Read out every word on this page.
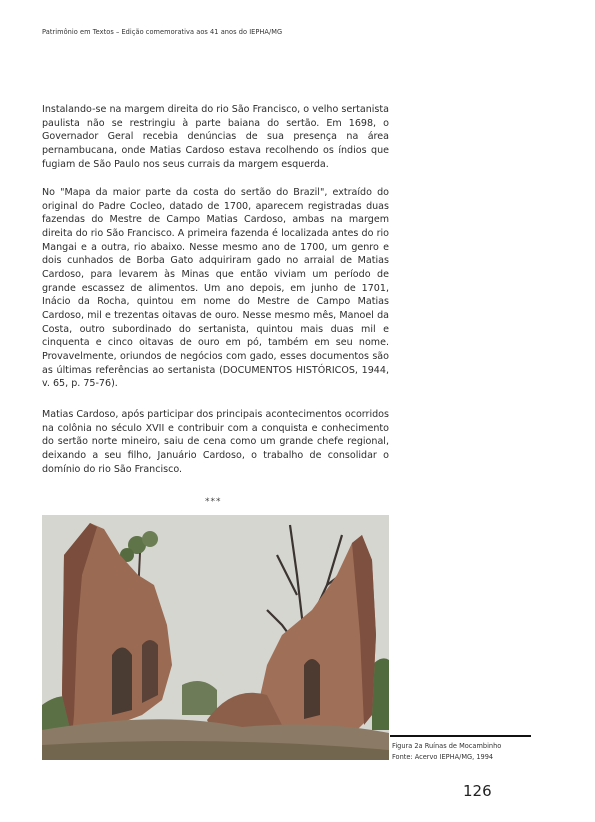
Patrimônio em Textos – Edição comemorativa aos 41 anos do IEPHA/MG

Instalando-se na margem direita do rio São Francisco, o velho sertanista paulista não se restringiu à parte baiana do sertão. Em 1698, o Governador Geral recebia denúncias de sua presença na área pernambucana, onde Matias Cardoso estava recolhendo os índios que fugiam de São Paulo nos seus currais da margem esquerda.

No "Mapa da maior parte da costa do sertão do Brazil", extraído do original do Padre Cocleo, datado de 1700, aparecem registradas duas fazendas do Mestre de Campo Matias Cardoso, ambas na margem direita do rio São Francisco. A primeira fazenda é localizada antes do rio Mangai e a outra, rio abaixo. Nesse mesmo ano de 1700, um genro e dois cunhados de Borba Gato adquiriram gado no arraial de Matias Cardoso, para levarem às Minas que então viviam um período de grande escassez de alimentos. Um ano depois, em junho de 1701, Inácio da Rocha, quintou em nome do Mestre de Campo Matias Cardoso, mil e trezentas oitavas de ouro. Nesse mesmo mês, Manoel da Costa, outro subordinado do sertanista, quintou mais duas mil e cinquenta e cinco oitavas de ouro em pó, também em seu nome. Provavelmente, oriundos de negócios com gado, esses documentos são as últimas referências ao sertanista (DOCUMENTOS HISTÓRICOS, 1944, v. 65, p. 75-76).

Matias Cardoso, após participar dos principais acontecimentos ocorridos na colônia no século XVII e contribuir com a conquista e conhecimento do sertão norte mineiro, saiu de cena como um grande chefe regional, deixando a seu filho, Januário Cardoso, o trabalho de consolidar o domínio do rio São Francisco.

***
Figura 2a Ruínas de Mocambinho
Fonte: Acervo IEPHA/MG, 1994
126
